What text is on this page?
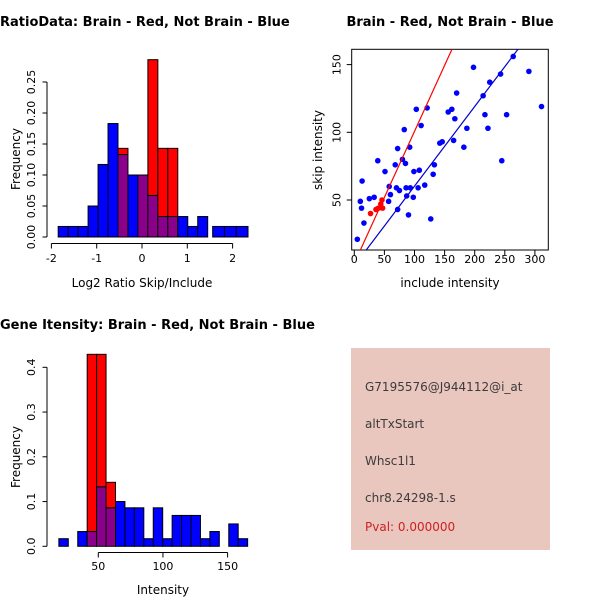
0.00
0.05
0.10
0.15
0.20
0.25
-2	-1	0	1	2
0.0
0.1
0.2
0.3
0.4
50	100	150
0 50 100 150 200 250 300
50
100
150
RatioData: Brain - Red, Not Brain - Blue	Brain - Red, Not Brain - Blue
Gene Itensity: Brain - Red, Not Brain - Blue
Log2 Ratio Skip/Include
Frequency
include intensity
skip intensity
Intensity
Frequency
G7195576@J944112@i_at
altTxStart
Whsc1l1
chr8.24298-1.s
Pval: 0.000000
